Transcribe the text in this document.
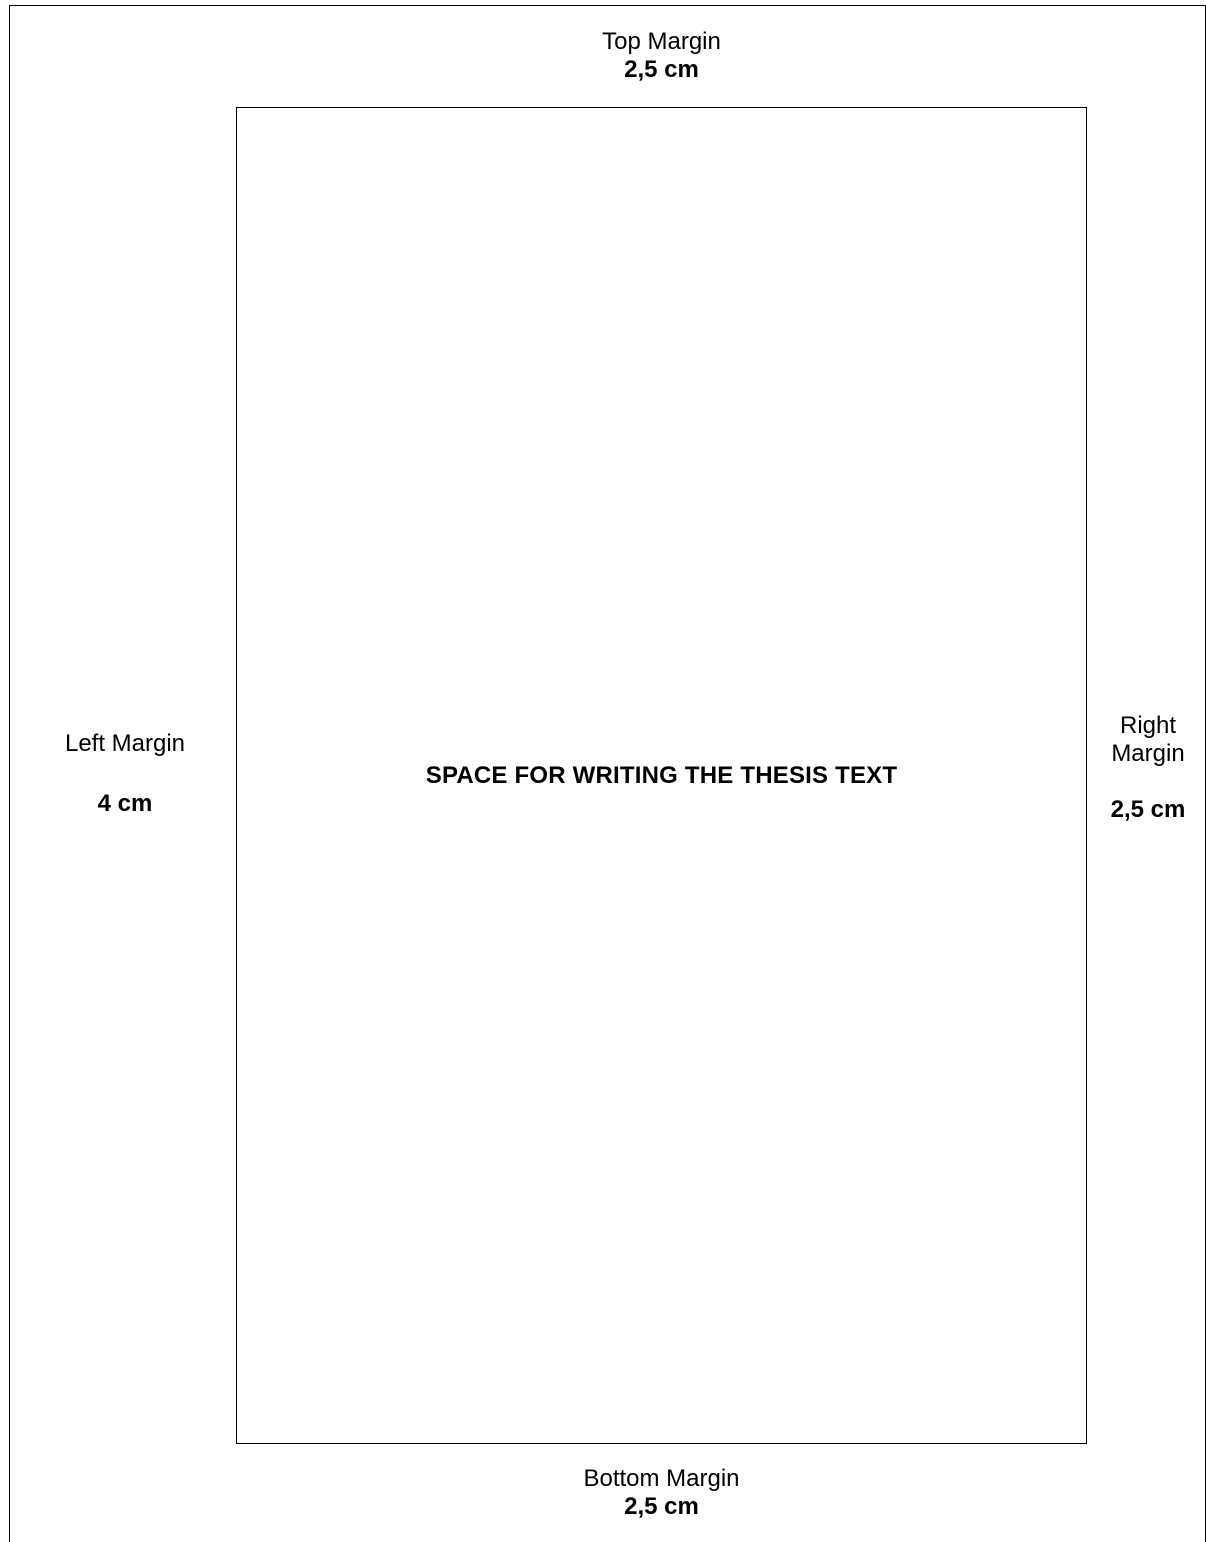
SPACE FOR WRITING THE THESIS TEXT
Top Margin
2,5 cm
Bottom Margin
2,5 cm
Left Margin
4 cm
Right
Margin
2,5 cm
